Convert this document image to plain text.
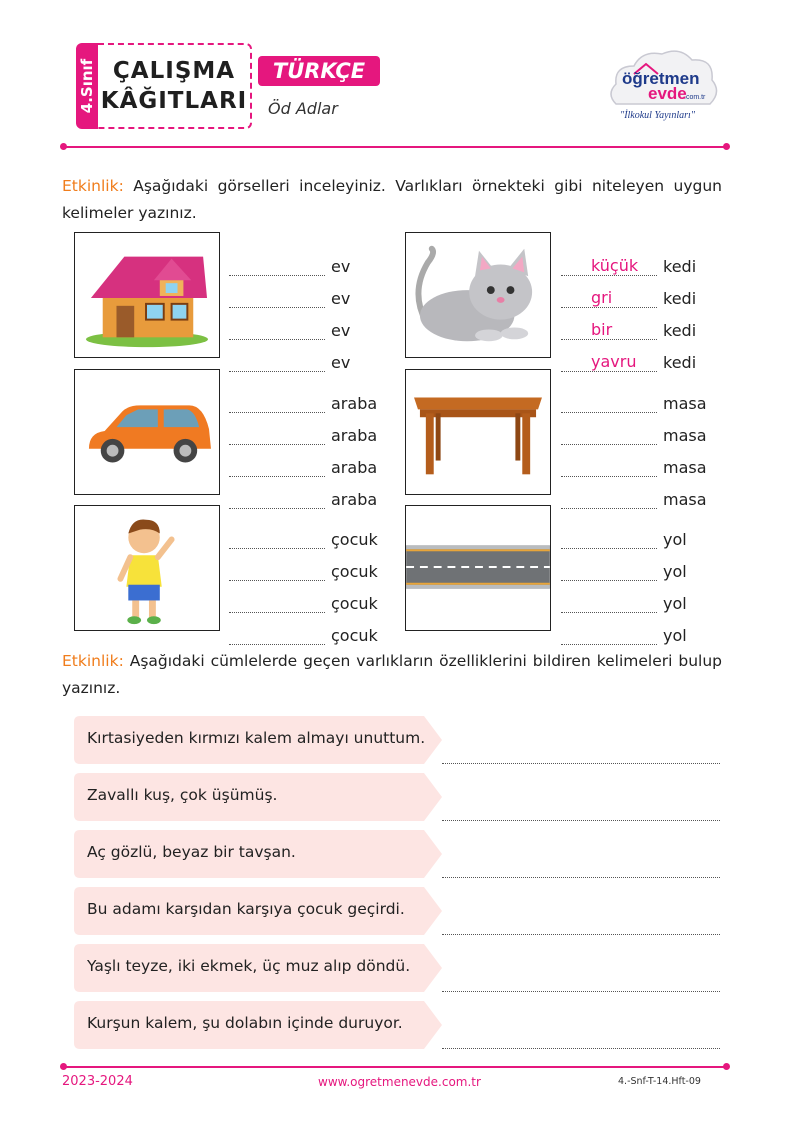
4.Sınıf ÇALIŞMA
KÂĞITLARI
TÜRKÇE
Öd Adlar
öğretmen
evde
.com.tr
"İlkokul Yayınları"
Etkinlik: Aşağıdaki görselleri inceleyiniz. Varlıkları örnekteki gibi niteleyen uygun kelimeler yazınız.
ev
ev
ev
ev
araba
araba
araba
araba
çocuk
çocuk
çocuk
çocuk
küçük kedi
gri	kedi
bir	kedi
yavru kedi
masa
masa
masa
masa
yol
yol
yol
yol
Etkinlik: Aşağıdaki cümlelerde geçen varlıkların özelliklerini bildiren kelimeleri bulup yazınız.
Kırtasiyeden kırmızı kalem almayı unuttum.
Zavallı kuş, çok üşümüş.
Aç gözlü, beyaz bir tavşan.
Bu adamı karşıdan karşıya çocuk geçirdi.
Yaşlı teyze, iki ekmek, üç muz alıp döndü.
Kurşun kalem, şu dolabın içinde duruyor.
2023-2024	www.ogretmenevde.com.tr	4.-Snf-T-14.Hft-09
